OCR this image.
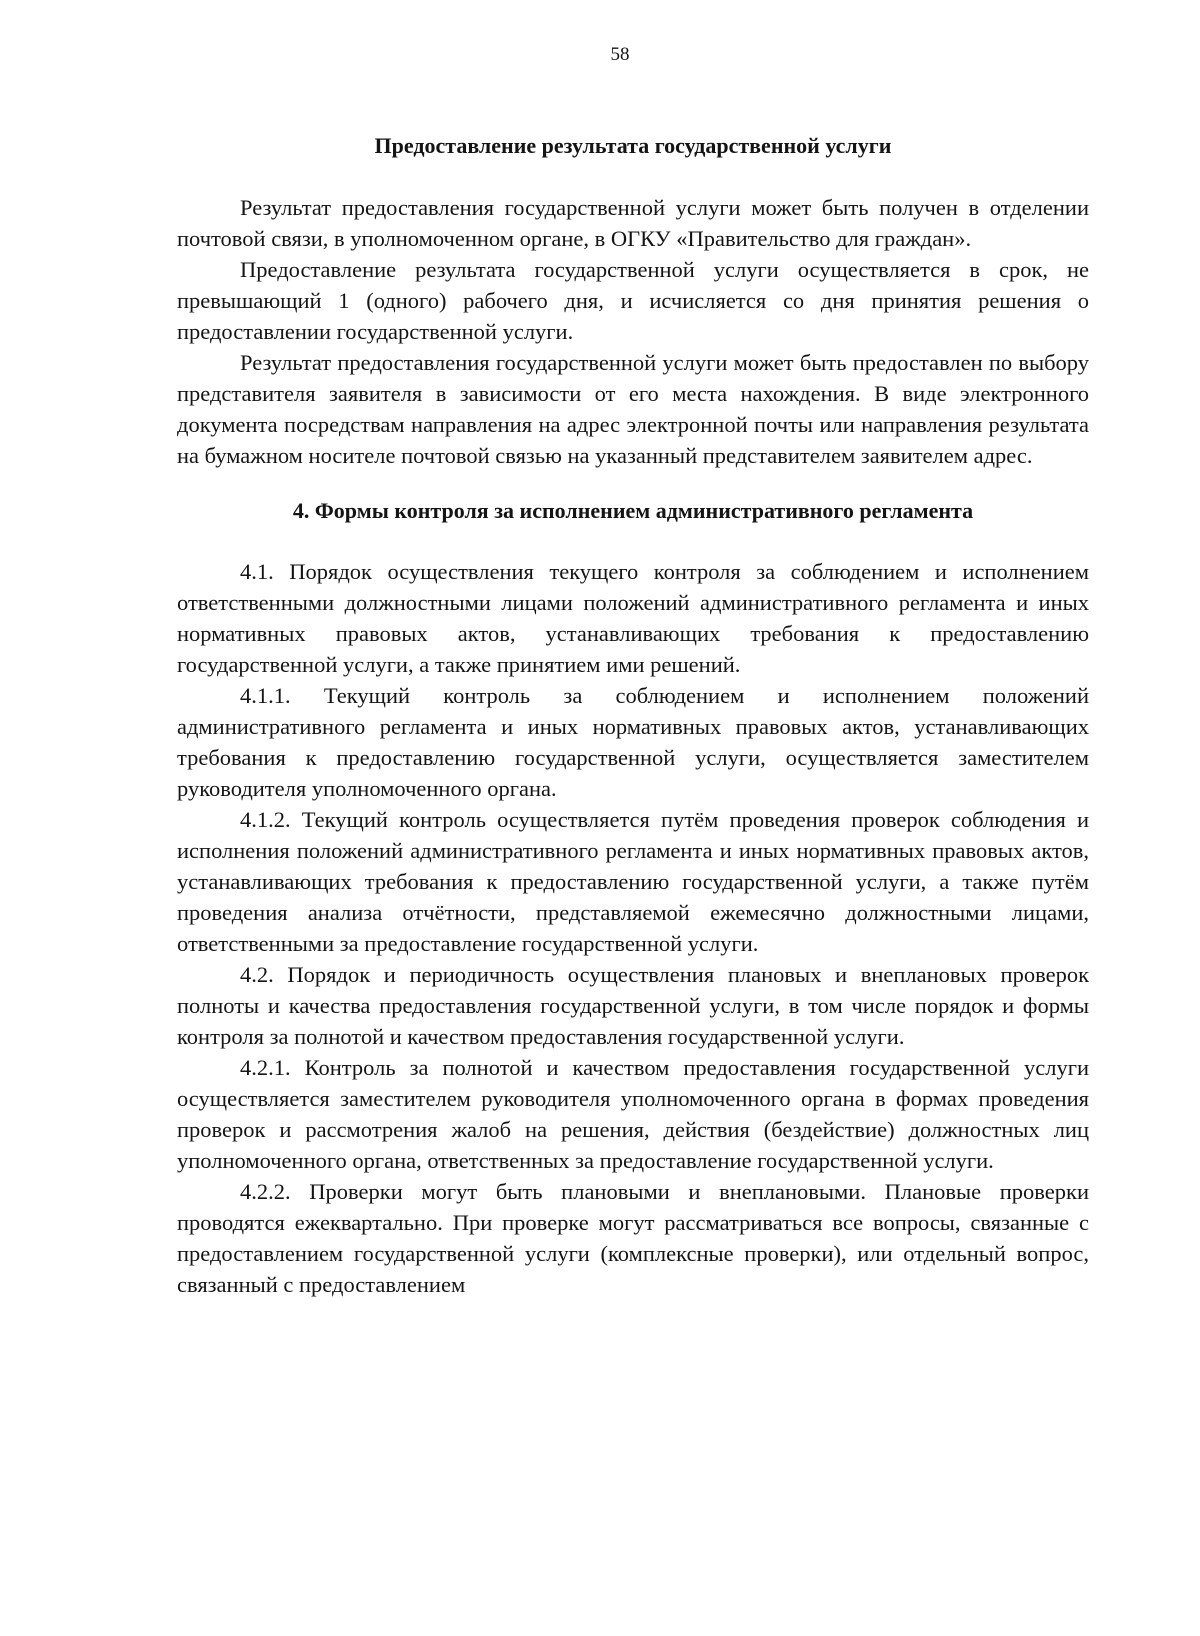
58

Предоставление результата государственной услуги

Результат предоставления государственной услуги может быть получен в отделении почтовой связи, в уполномоченном органе, в ОГКУ «Правительство для граждан».

Предоставление результата государственной услуги осуществляется в срок, не превышающий 1 (одного) рабочего дня, и исчисляется со дня принятия решения о предоставлении государственной услуги.

Результат предоставления государственной услуги может быть предоставлен по выбору представителя заявителя в зависимости от его места нахождения. В виде электронного документа посредствам направления на адрес электронной почты или направления результата на бумажном носителе почтовой связью на указанный представителем заявителем адрес.

4. Формы контроля за исполнением административного регламента

4.1. Порядок осуществления текущего контроля за соблюдением и исполнением ответственными должностными лицами положений административного регламента и иных нормативных правовых актов, устанавливающих требования к предоставлению государственной услуги, а также принятием ими решений.

4.1.1. Текущий контроль за соблюдением и исполнением положений административного регламента и иных нормативных правовых актов, устанавливающих требования к предоставлению государственной услуги, осуществляется заместителем руководителя уполномоченного органа.

4.1.2. Текущий контроль осуществляется путём проведения проверок соблюдения и исполнения положений административного регламента и иных нормативных правовых актов, устанавливающих требования к предоставлению государственной услуги, а также путём проведения анализа отчётности, представляемой ежемесячно должностными лицами, ответственными за предоставление государственной услуги.

4.2. Порядок и периодичность осуществления плановых и внеплановых проверок полноты и качества предоставления государственной услуги, в том числе порядок и формы контроля за полнотой и качеством предоставления государственной услуги.

4.2.1. Контроль за полнотой и качеством предоставления государственной услуги осуществляется заместителем руководителя уполномоченного органа в формах проведения проверок и рассмотрения жалоб на решения, действия (бездействие) должностных лиц уполномоченного органа, ответственных за предоставление государственной услуги.

4.2.2. Проверки могут быть плановыми и внеплановыми. Плановые проверки проводятся ежеквартально. При проверке могут рассматриваться все вопросы, связанные с предоставлением государственной услуги (комплексные проверки), или отдельный вопрос, связанный с предоставлением
